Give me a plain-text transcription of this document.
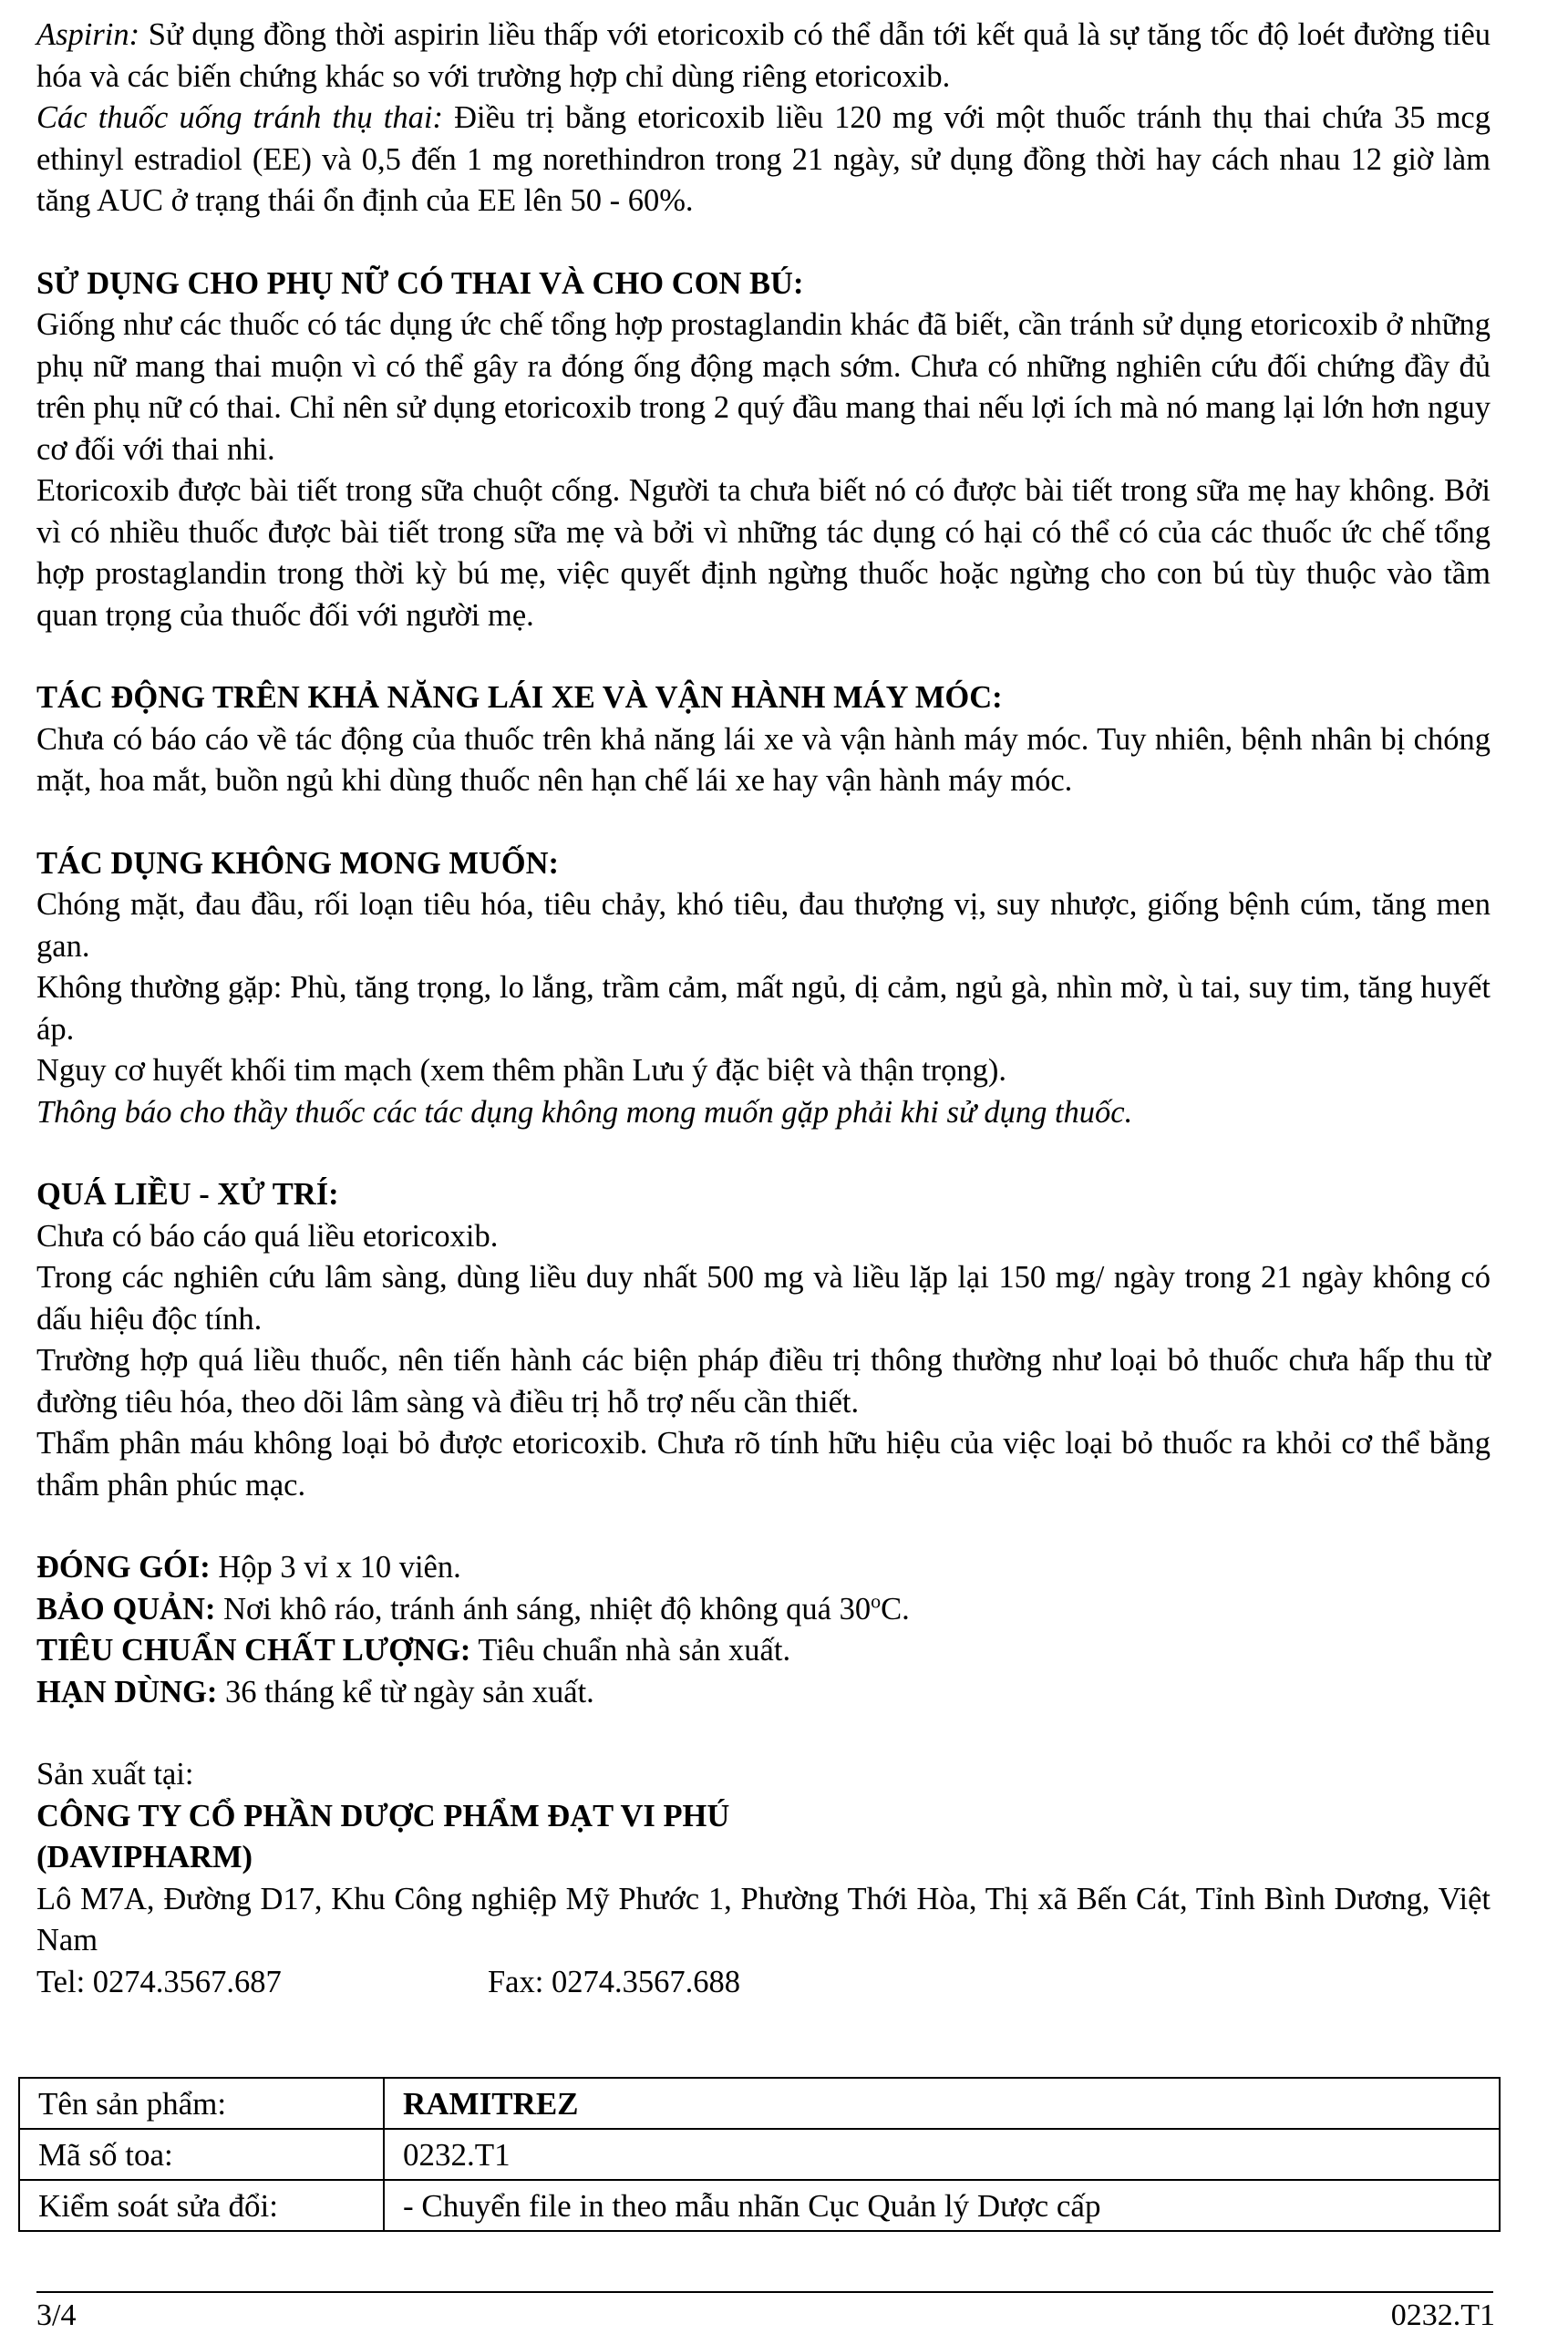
Aspirin: Sử dụng đồng thời aspirin liều thấp với etoricoxib có thể dẫn tới kết quả là sự tăng tốc độ loét đường tiêu hóa và các biến chứng khác so với trường hợp chỉ dùng riêng etoricoxib.

Các thuốc uống tránh thụ thai: Điều trị bằng etoricoxib liều 120 mg với một thuốc tránh thụ thai chứa 35 mcg ethinyl estradiol (EE) và 0,5 đến 1 mg norethindron trong 21 ngày, sử dụng đồng thời hay cách nhau 12 giờ làm tăng AUC ở trạng thái ổn định của EE lên 50 - 60%.

SỬ DỤNG CHO PHỤ NỮ CÓ THAI VÀ CHO CON BÚ:

Giống như các thuốc có tác dụng ức chế tổng hợp prostaglandin khác đã biết, cần tránh sử dụng etoricoxib ở những phụ nữ mang thai muộn vì có thể gây ra đóng ống động mạch sớm. Chưa có những nghiên cứu đối chứng đầy đủ trên phụ nữ có thai. Chỉ nên sử dụng etoricoxib trong 2 quý đầu mang thai nếu lợi ích mà nó mang lại lớn hơn nguy cơ đối với thai nhi.

Etoricoxib được bài tiết trong sữa chuột cống. Người ta chưa biết nó có được bài tiết trong sữa mẹ hay không. Bởi vì có nhiều thuốc được bài tiết trong sữa mẹ và bởi vì những tác dụng có hại có thể có của các thuốc ức chế tổng hợp prostaglandin trong thời kỳ bú mẹ, việc quyết định ngừng thuốc hoặc ngừng cho con bú tùy thuộc vào tầm quan trọng của thuốc đối với người mẹ.

TÁC ĐỘNG TRÊN KHẢ NĂNG LÁI XE VÀ VẬN HÀNH MÁY MÓC:

Chưa có báo cáo về tác động của thuốc trên khả năng lái xe và vận hành máy móc. Tuy nhiên, bệnh nhân bị chóng mặt, hoa mắt, buồn ngủ khi dùng thuốc nên hạn chế lái xe hay vận hành máy móc.

TÁC DỤNG KHÔNG MONG MUỐN:

Chóng mặt, đau đầu, rối loạn tiêu hóa, tiêu chảy, khó tiêu, đau thượng vị, suy nhược, giống bệnh cúm, tăng men gan.

Không thường gặp: Phù, tăng trọng, lo lắng, trầm cảm, mất ngủ, dị cảm, ngủ gà, nhìn mờ, ù tai, suy tim, tăng huyết áp.

Nguy cơ huyết khối tim mạch (xem thêm phần Lưu ý đặc biệt và thận trọng).

Thông báo cho thầy thuốc các tác dụng không mong muốn gặp phải khi sử dụng thuốc.

QUÁ LIỀU - XỬ TRÍ:

Chưa có báo cáo quá liều etoricoxib.

Trong các nghiên cứu lâm sàng, dùng liều duy nhất 500 mg và liều lặp lại 150 mg/ ngày trong 21 ngày không có dấu hiệu độc tính.

Trường hợp quá liều thuốc, nên tiến hành các biện pháp điều trị thông thường như loại bỏ thuốc chưa hấp thu từ đường tiêu hóa, theo dõi lâm sàng và điều trị hỗ trợ nếu cần thiết.

Thẩm phân máu không loại bỏ được etoricoxib. Chưa rõ tính hữu hiệu của việc loại bỏ thuốc ra khỏi cơ thể bằng thẩm phân phúc mạc.

ĐÓNG GÓI: Hộp 3 vỉ x 10 viên.

BẢO QUẢN: Nơi khô ráo, tránh ánh sáng, nhiệt độ không quá 30$^o$C.

TIÊU CHUẨN CHẤT LƯỢNG: Tiêu chuẩn nhà sản xuất.

HẠN DÙNG: 36 tháng kể từ ngày sản xuất.

Sản xuất tại:

CÔNG TY CỔ PHẦN DƯỢC PHẨM ĐẠT VI PHÚ

(DAVIPHARM)

Lô M7A, Đường D17, Khu Công nghiệp Mỹ Phước 1, Phường Thới Hòa, Thị xã Bến Cát, Tỉnh Bình Dương, Việt Nam

Tel: 0274.3567.687	Fax: 0274.3567.688

Tên sản phẩm:	RAMITREZ
Mã số toa:	0232.T1
Kiểm soát sửa đổi:	- Chuyển file in theo mẫu nhãn Cục Quản lý Dược cấp
3/4	0232.T1
